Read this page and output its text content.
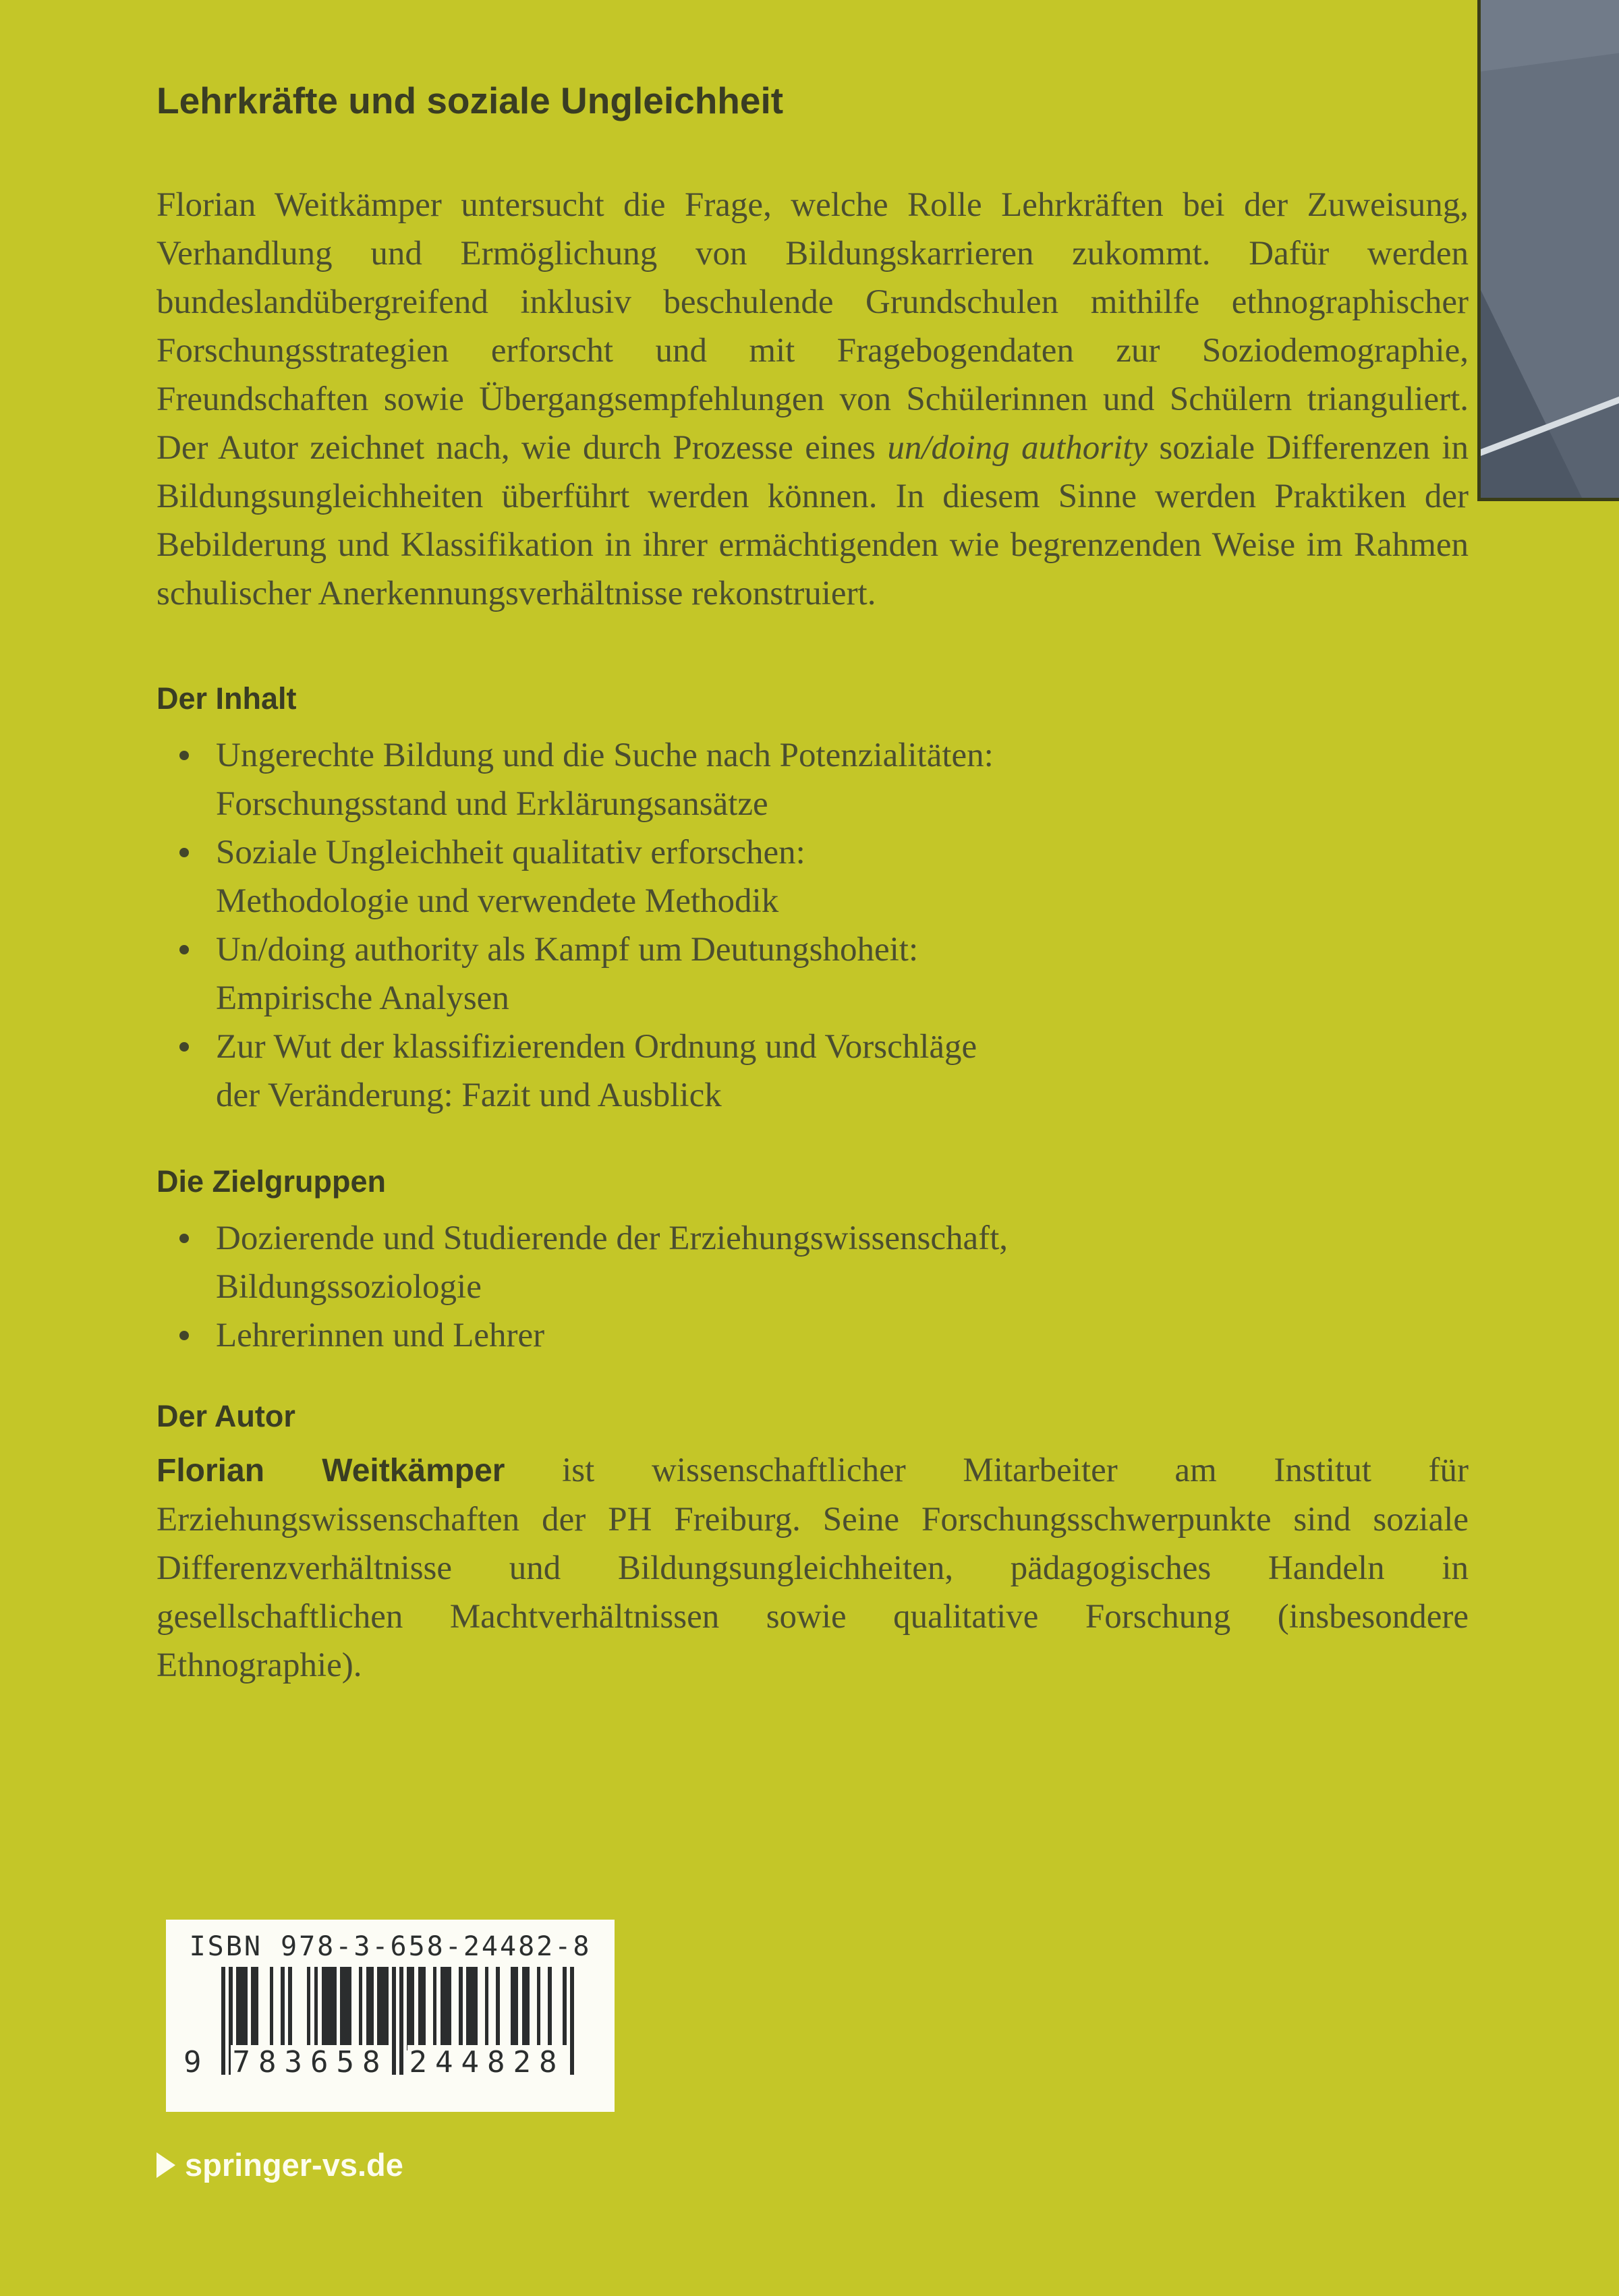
Lehrkräfte und soziale Ungleichheit

Florian Weitkämper untersucht die Frage, welche Rolle Lehrkräften bei der Zuweisung, Verhandlung und Ermöglichung von Bildungskarrieren zukommt. Dafür werden bundeslandübergreifend inklusiv beschulende Grundschulen mithilfe ethnographischer Forschungsstrategien erforscht und mit Fragebogendaten zur Soziodemographie, Freundschaften sowie Übergangsempfehlungen von Schülerinnen und Schülern trianguliert. Der Autor zeichnet nach, wie durch Prozesse eines un/doing authority soziale Differenzen in Bildungsungleichheiten überführt werden können. In diesem Sinne werden Praktiken der Bebilderung und Klassifikation in ihrer ermächtigenden wie begrenzenden Weise im Rahmen schulischer Anerkennungsverhältnisse rekonstruiert.

Der Inhalt
Ungerechte Bildung und die Suche nach Potenzialitäten:
Forschungsstand und Erklärungsansätze
Soziale Ungleichheit qualitativ erforschen:
Methodologie und verwendete Methodik
Un/doing authority als Kampf um Deutungshoheit:
Empirische Analysen
Zur Wut der klassifizierenden Ordnung und Vorschläge
der Veränderung: Fazit und Ausblick
Die Zielgruppen
Dozierende und Studierende der Erziehungswissenschaft,
Bildungssoziologie
Lehrerinnen und Lehrer
Der Autor

Florian Weitkämper ist wissenschaftlicher Mitarbeiter am Institut für Erziehungswissenschaften der PH Freiburg. Seine Forschungsschwerpunkte sind soziale Differenzverhältnisse und Bildungsungleichheiten, pädagogisches Handeln in gesellschaftlichen Machtverhältnissen sowie qualitative Forschung (insbesondere Ethnographie).

ISBN 978-3-658-24482-8
9 783658 244828
springer-vs.de
